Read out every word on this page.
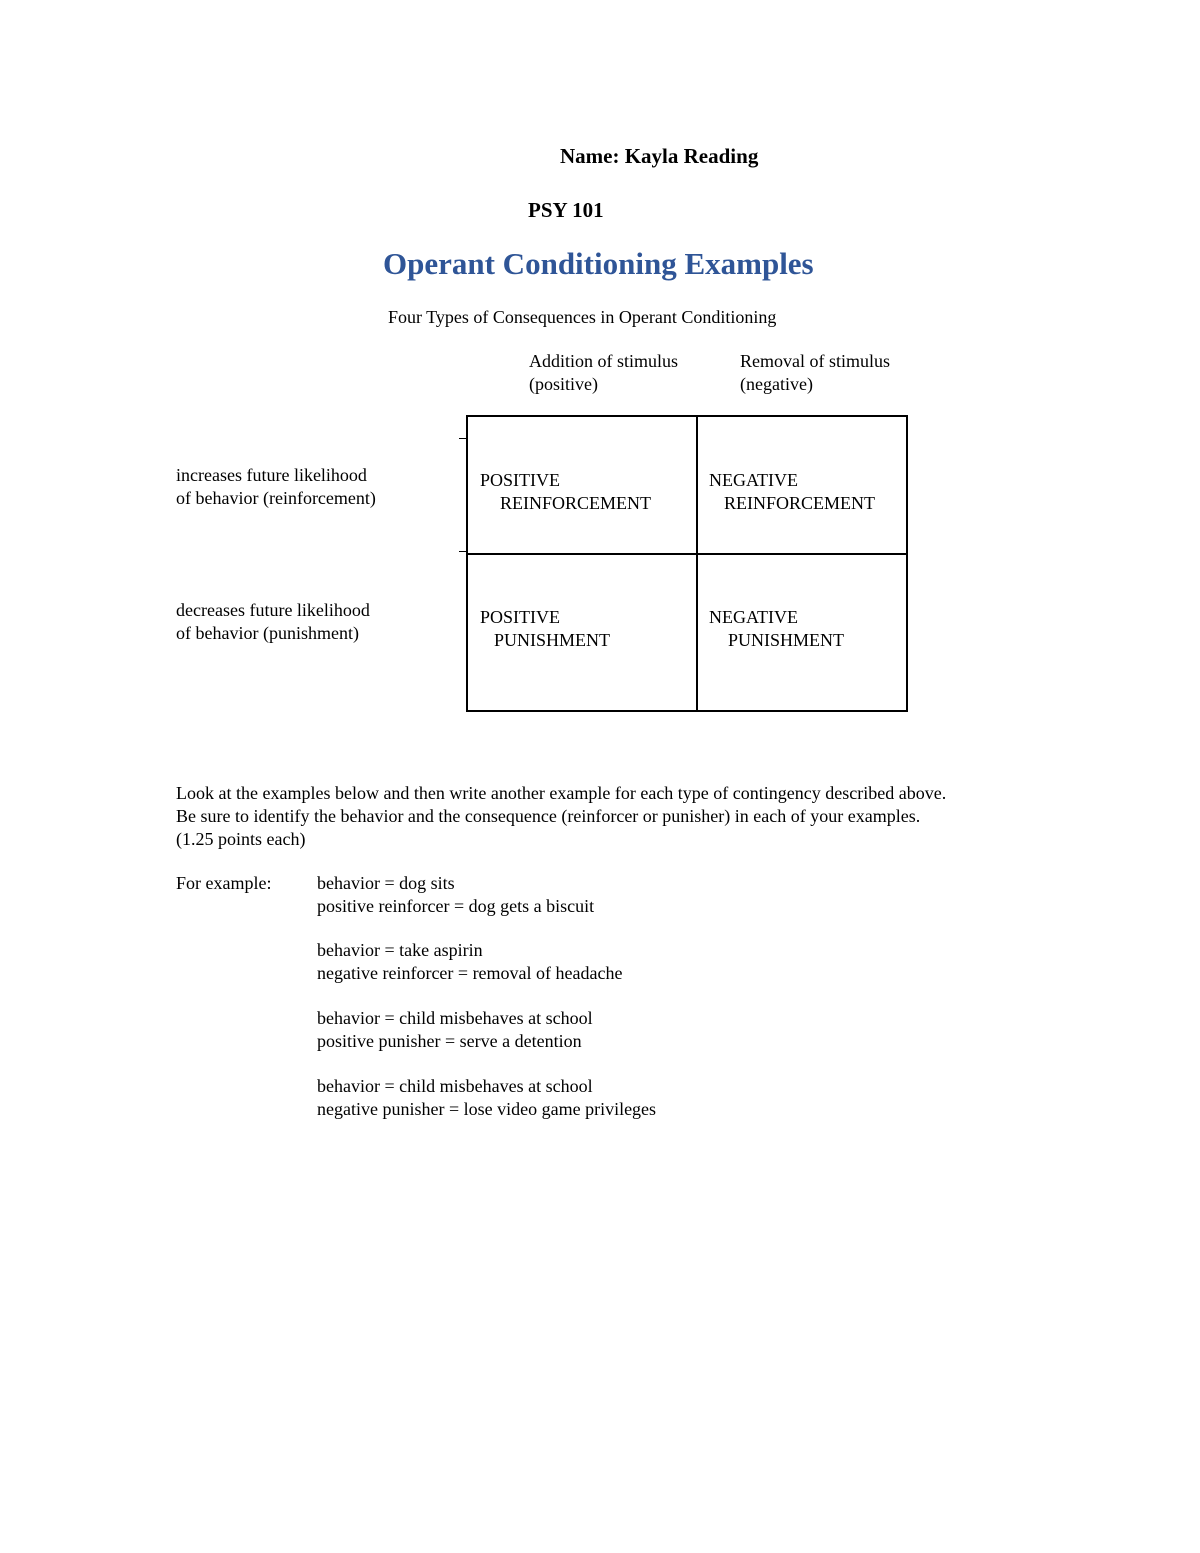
Name: Kayla Reading
PSY 101
Operant Conditioning Examples
Four Types of Consequences in Operant Conditioning
Addition of stimulus
(positive)
Removal of stimulus
(negative)
increases future likelihood
of behavior (reinforcement)
decreases future likelihood
of behavior (punishment)
POSITIVE
REINFORCEMENT
NEGATIVE
REINFORCEMENT
POSITIVE
PUNISHMENT
NEGATIVE
PUNISHMENT
Look at the examples below and then write another example for each type of contingency described above.
Be sure to identify the behavior and the consequence (reinforcer or punisher) in each of your examples.
(1.25 points each)
For example:	behavior = dog sits
positive reinforcer = dog gets a biscuit
behavior = take aspirin
negative reinforcer = removal of headache
behavior = child misbehaves at school
positive punisher = serve a detention
behavior = child misbehaves at school
negative punisher = lose video game privileges
